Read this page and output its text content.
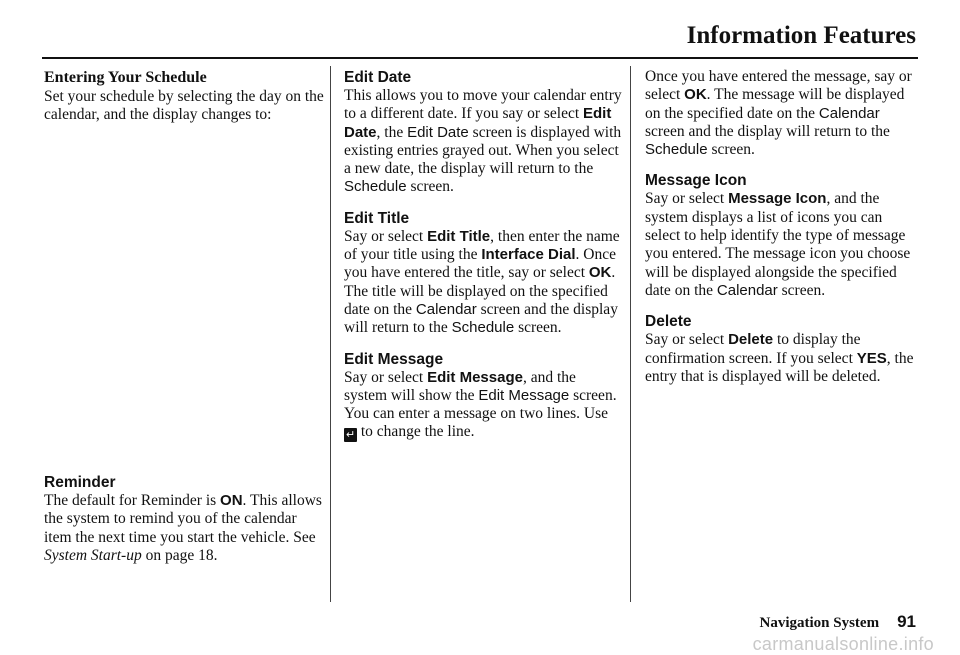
Information Features

Entering Your Schedule

Set your schedule by selecting the day on the calendar, and the display changes to:

Reminder

The default for Reminder is ON. This allows the system to remind you of the calendar item the next time you start the vehicle. See System Start-up on page 18.

Edit Date

This allows you to move your calendar entry to a different date. If you say or select Edit Date, the Edit Date screen is displayed with existing entries grayed out. When you select a new date, the display will return to the Schedule screen.

Edit Title

Say or select Edit Title, then enter the name of your title using the Interface Dial. Once you have entered the title, say or select OK. The title will be displayed on the specified date on the Calendar screen and the display will return to the Schedule screen.

Edit Message

Say or select Edit Message, and the system will show the Edit Message screen. You can enter a message on two lines. Use ↵ to change the line.

Once you have entered the message, say or select OK. The message will be displayed on the specified date on the Calendar screen and the display will return to the Schedule screen.

Message Icon

Say or select Message Icon, and the system displays a list of icons you can select to help identify the type of message you entered. The message icon you choose will be displayed alongside the specified date on the Calendar screen.

Delete

Say or select Delete to display the confirmation screen. If you select YES, the entry that is displayed will be deleted.

Navigation System 91
carmanualsonline.info
